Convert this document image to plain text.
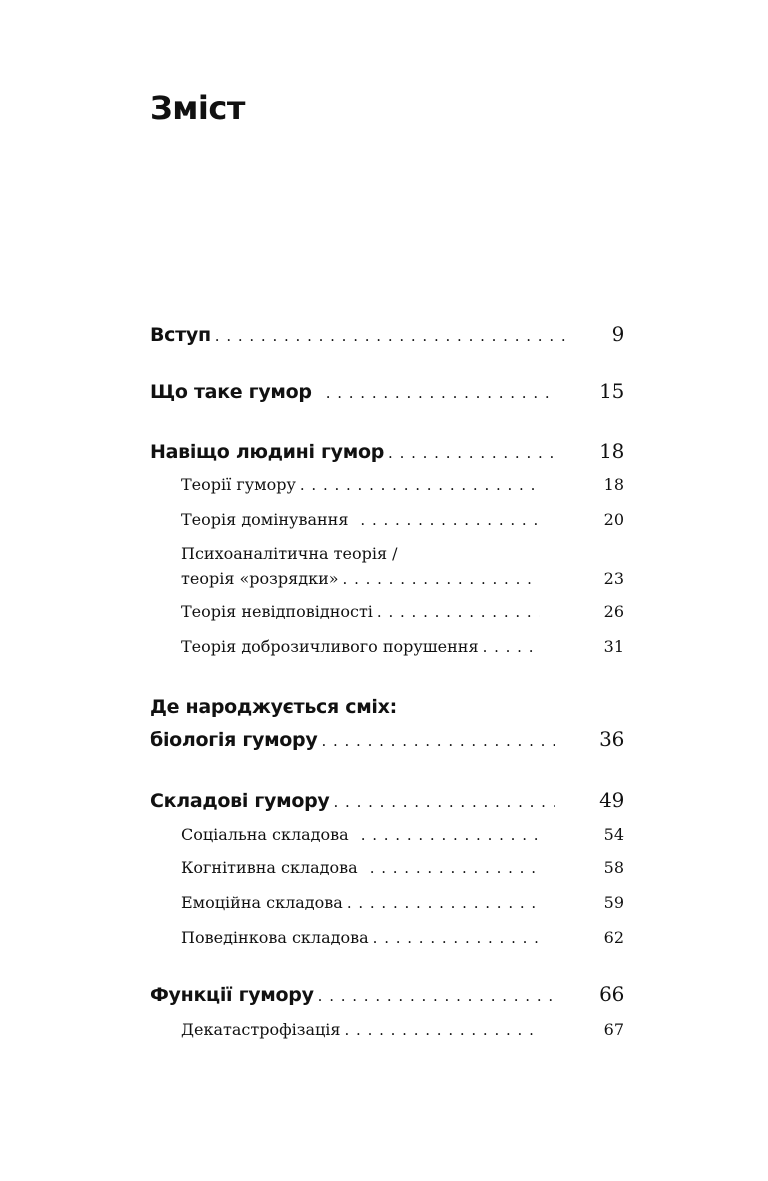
Зміст
Вступ . . .	9
Що таке гумор . . .	15
Навіщо людині гумор . . .	18
Теорії гумору . . .	18
Теорія домінування . . .	20
Психоаналітична теорія /
теорія «розрядки» . . .	23
Теорія невідповідності . . .	26
Теорія доброзичливого порушення . . .	31
Де народжується сміх:
біологія гумору . . .	36
Складові гумору . . .	49
Соціальна складова . . .	54
Когнітивна складова . . .	58
Емоційна складова . . .	59
Поведінкова складова . . .	62
Функції гумору . . .	66
Декатастрофізація . . .	67
